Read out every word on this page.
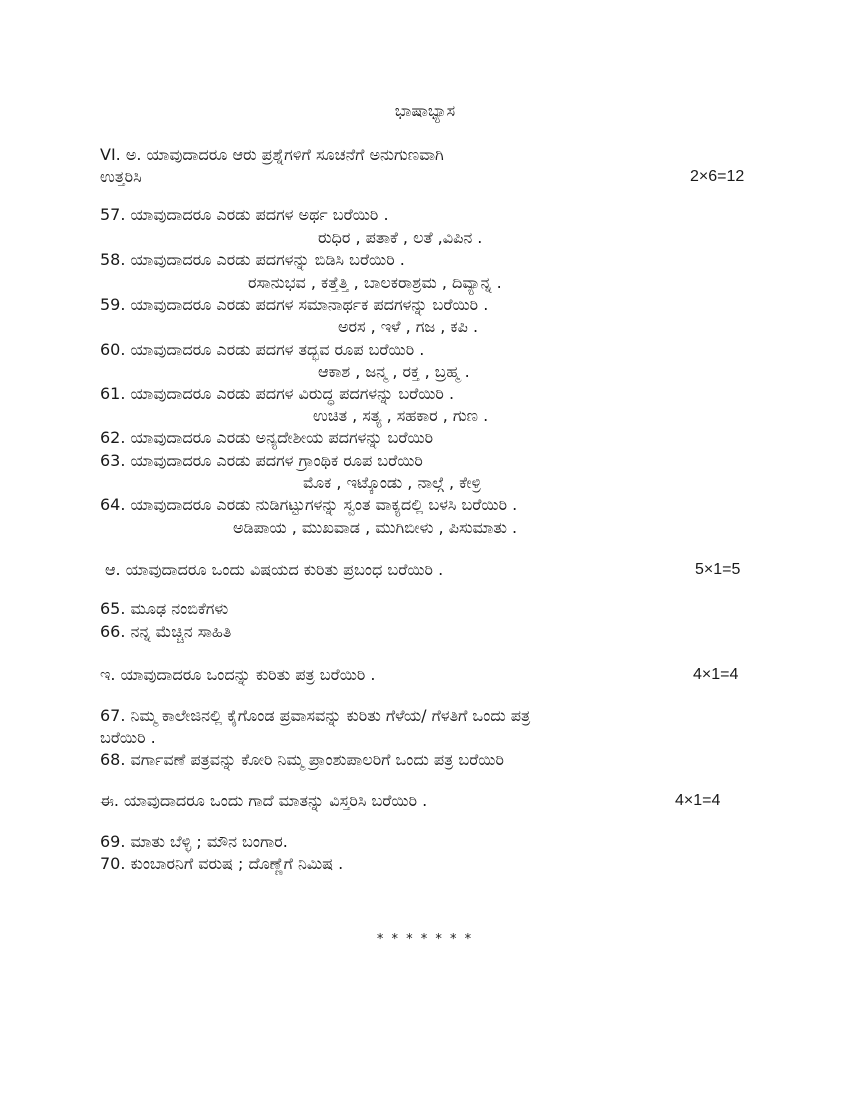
ಭಾಷಾಭ್ಯಾಸ
VI. ಅ. ಯಾವುದಾದರೂ ಆರು ಪ್ರಶ್ನೆಗಳಿಗೆ ಸೂಚನೆಗೆ ಅನುಗುಣವಾಗಿ
ಉತ್ತರಿಸಿ	2×6=12
57. ಯಾವುದಾದರೂ ಎರಡು ಪದಗಳ ಅರ್ಥ ಬರೆಯಿರಿ .
ರುಧಿರ , ಪತಾಕೆ , ಲತೆ ,ವಿಪಿನ .
58. ಯಾವುದಾದರೂ ಎರಡು ಪದಗಳನ್ನು ಬಿಡಿಸಿ ಬರೆಯಿರಿ .
ರಸಾನುಭವ , ಕತ್ತೆತ್ತಿ , ಬಾಲಕರಾಶ್ರಮ , ದಿವ್ಯಾನ್ನ .
59. ಯಾವುದಾದರೂ ಎರಡು ಪದಗಳ ಸಮಾನಾರ್ಥಕ ಪದಗಳನ್ನು ಬರೆಯಿರಿ .
ಅರಸ , ಇಳೆ , ಗಜ , ಕಪಿ .
60. ಯಾವುದಾದರೂ ಎರಡು ಪದಗಳ ತದ್ಭವ ರೂಪ ಬರೆಯಿರಿ .
ಆಕಾಶ , ಜನ್ಮ , ರಕ್ತ , ಬ್ರಹ್ಮ .
61. ಯಾವುದಾದರೂ ಎರಡು ಪದಗಳ ವಿರುದ್ಧ ಪದಗಳನ್ನು ಬರೆಯಿರಿ .
ಉಚಿತ , ಸತ್ಯ , ಸಹಕಾರ , ಗುಣ .
62. ಯಾವುದಾದರೂ ಎರಡು ಅನ್ಯದೇಶೀಯ ಪದಗಳನ್ನು ಬರೆಯಿರಿ
63. ಯಾವುದಾದರೂ ಎರಡು ಪದಗಳ ಗ್ರಾಂಥಿಕ ರೂಪ ಬರೆಯಿರಿ
ಮೊಕ , ಇಟ್ಕೊಂಡು , ನಾಲ್ಗೆ , ಕೇಳ್ರಿ
64. ಯಾವುದಾದರೂ ಎರಡು ನುಡಿಗಟ್ಟುಗಳನ್ನು ಸ್ವಂತ ವಾಕ್ಯದಲ್ಲಿ ಬಳಸಿ ಬರೆಯಿರಿ .
ಅಡಿಪಾಯ , ಮುಖವಾಡ , ಮುಗಿಬೀಳು , ಪಿಸುಮಾತು .
ಆ. ಯಾವುದಾದರೂ ಒಂದು ವಿಷಯದ ಕುರಿತು ಪ್ರಬಂಧ ಬರೆಯಿರಿ .	5×1=5
65. ಮೂಢ ನಂಬಿಕೆಗಳು
66. ನನ್ನ ಮೆಚ್ಚಿನ ಸಾಹಿತಿ
ಇ. ಯಾವುದಾದರೂ ಒಂದನ್ನು ಕುರಿತು ಪತ್ರ ಬರೆಯಿರಿ .	4×1=4
67. ನಿಮ್ಮ ಕಾಲೇಜಿನಲ್ಲಿ ಕೈಗೊಂಡ ಪ್ರವಾಸವನ್ನು ಕುರಿತು ಗೆಳೆಯ/ ಗೆಳತಿಗೆ ಒಂದು ಪತ್ರ
ಬರೆಯಿರಿ .
68. ವರ್ಗಾವಣೆ ಪತ್ರವನ್ನು ಕೋರಿ ನಿಮ್ಮ ಪ್ರಾಂಶುಪಾಲರಿಗೆ ಒಂದು ಪತ್ರ ಬರೆಯಿರಿ
ಈ. ಯಾವುದಾದರೂ ಒಂದು ಗಾದೆ ಮಾತನ್ನು ವಿಸ್ತರಿಸಿ ಬರೆಯಿರಿ .	4×1=4
69. ಮಾತು ಬೆಳ್ಳಿ ; ಮೌನ ಬಂಗಾರ.
70. ಕುಂಬಾರನಿಗೆ ವರುಷ ; ದೊಣ್ಣೆಗೆ ನಿಮಿಷ .
* * * * * * *
